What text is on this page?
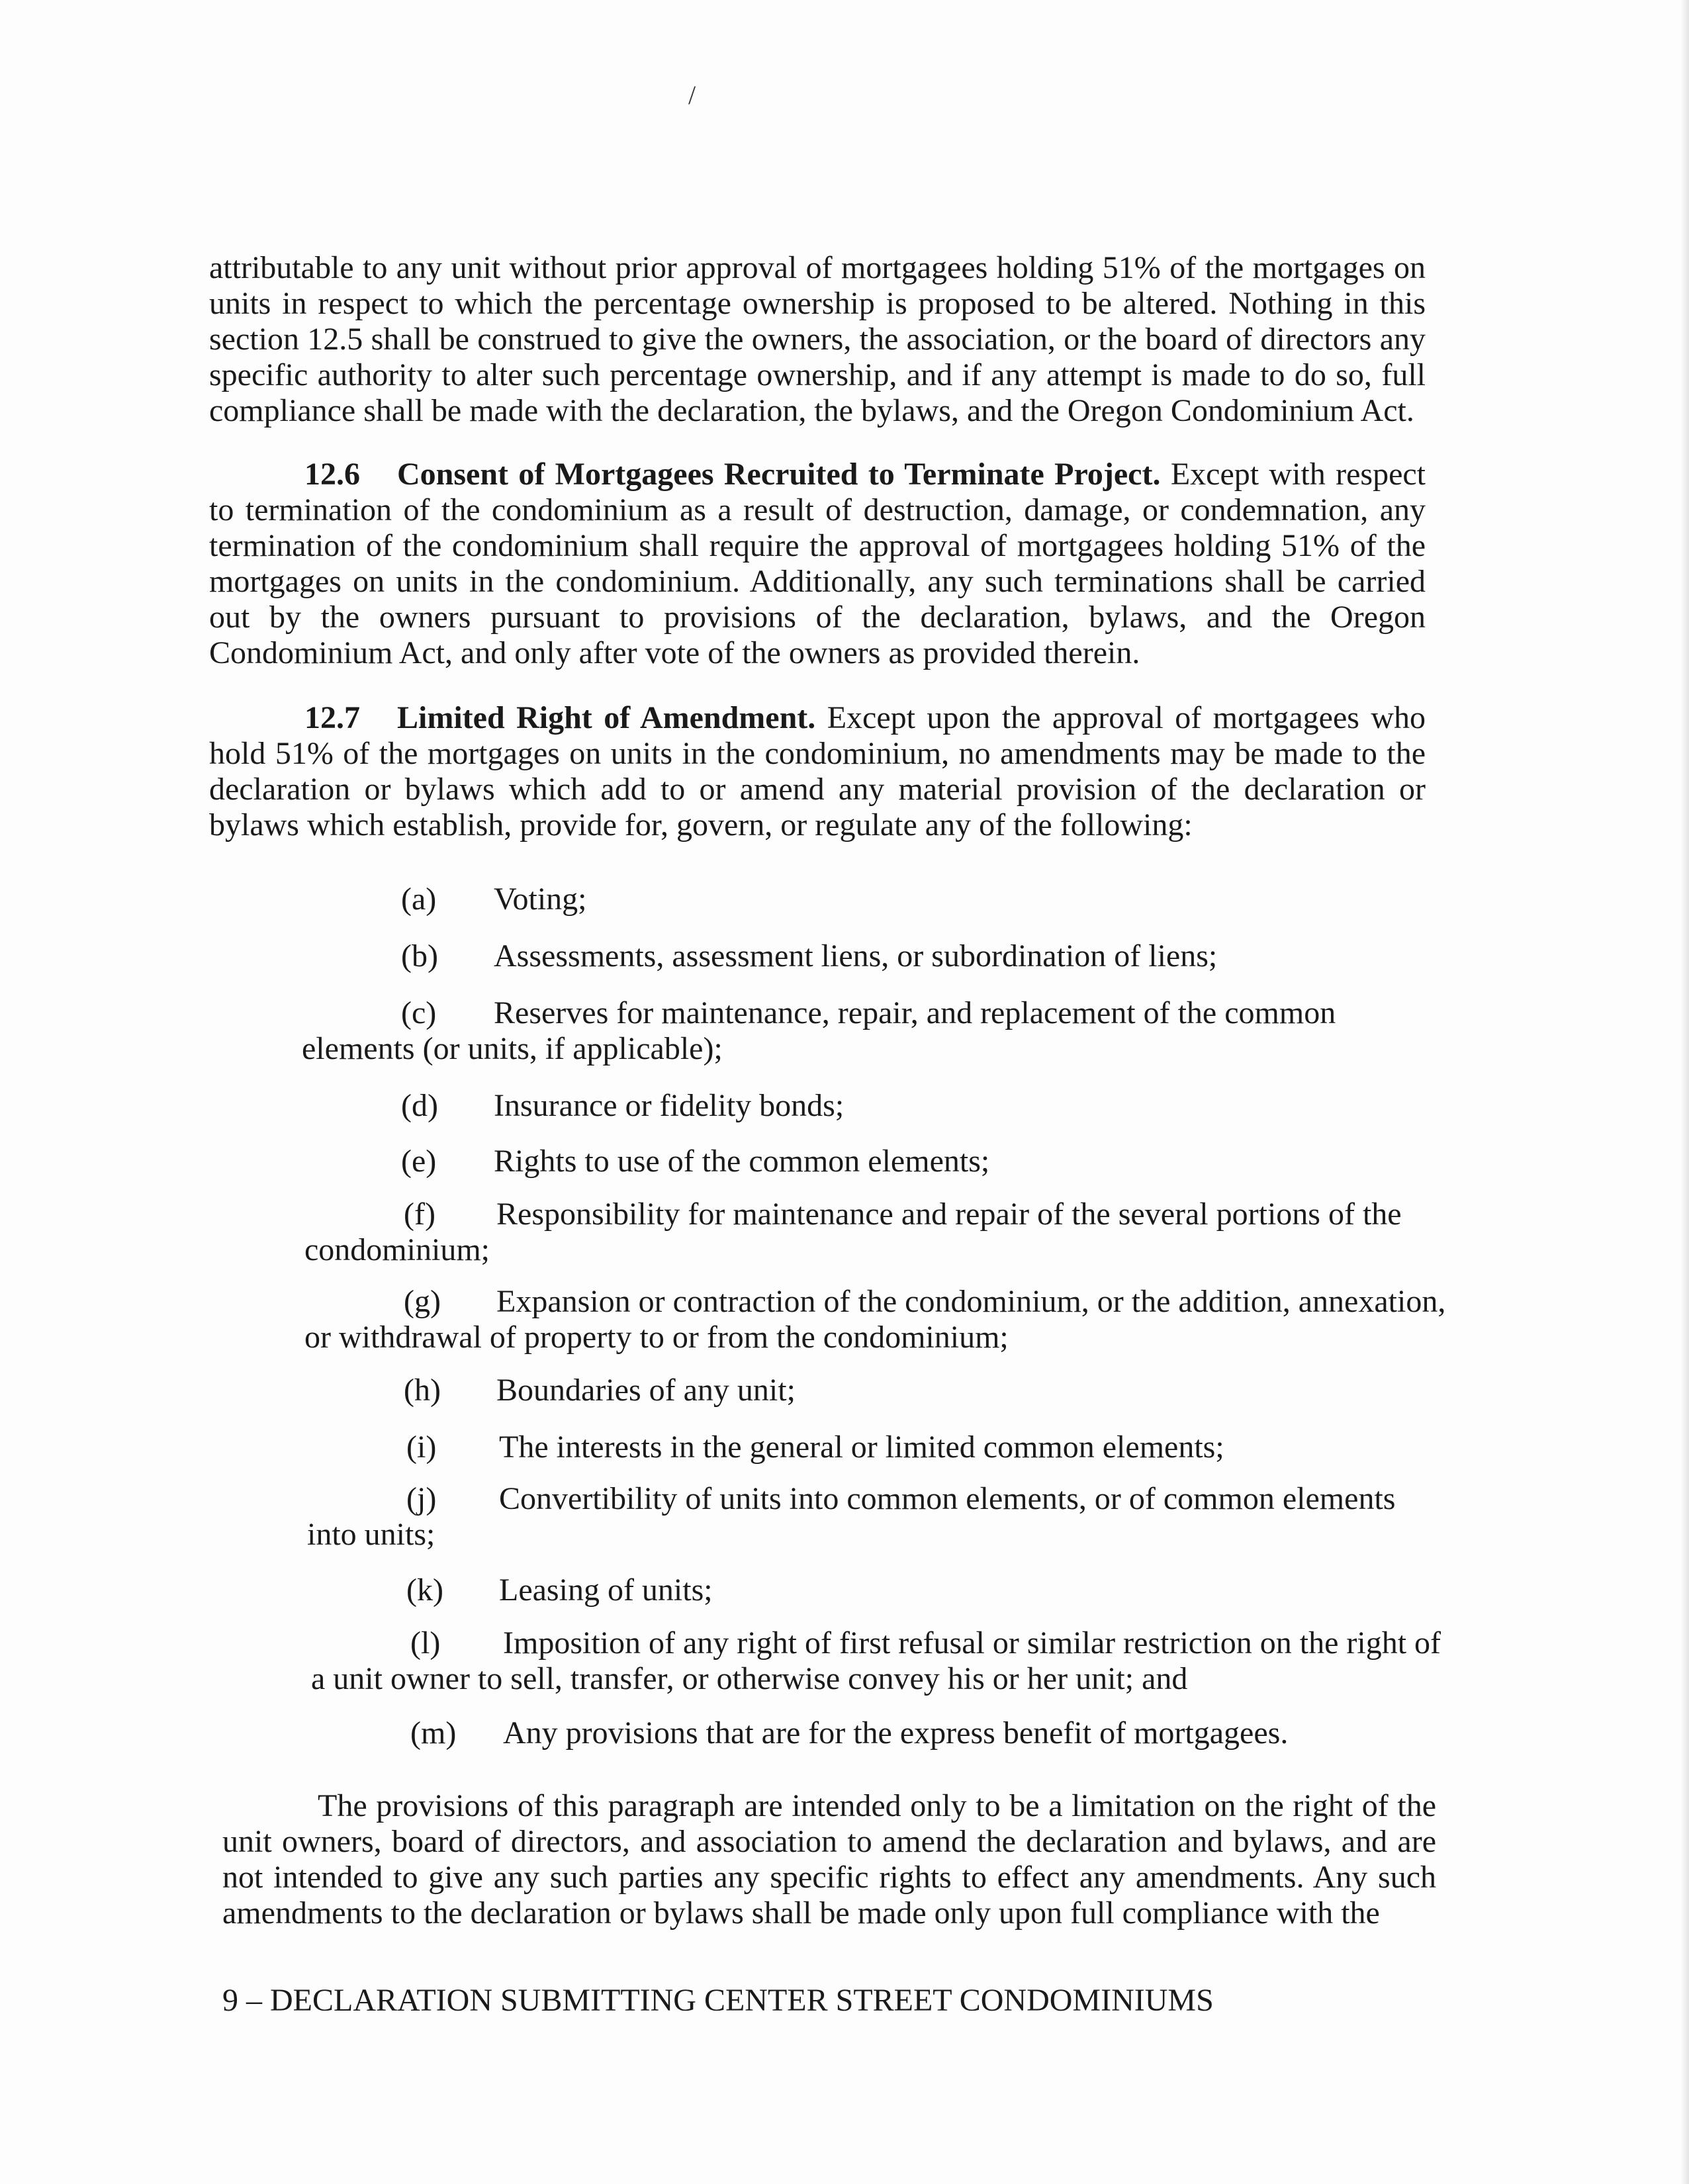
/

attributable to any unit without prior approval of mortgagees holding 51% of the mortgages on units in respect to which the percentage ownership is proposed to be altered. Nothing in this section 12.5 shall be construed to give the owners, the association, or the board of directors any specific authority to alter such percentage ownership, and if any attempt is made to do so, full compliance shall be made with the declaration, the bylaws, and the Oregon Condominium Act.

12.6 Consent of Mortgagees Recruited to Terminate Project. Except with respect to termination of the condominium as a result of destruction, damage, or condemnation, any termination of the condominium shall require the approval of mortgagees holding 51% of the mortgages on units in the condominium. Additionally, any such terminations shall be carried out by the owners pursuant to provisions of the declaration, bylaws, and the Oregon Condominium Act, and only after vote of the owners as provided therein.

12.7 Limited Right of Amendment. Except upon the approval of mortgagees who hold 51% of the mortgages on units in the condominium, no amendments may be made to the declaration or bylaws which add to or amend any material provision of the declaration or bylaws which establish, provide for, govern, or regulate any of the following:

(a) Voting;

(b) Assessments, assessment liens, or subordination of liens;

(c) Reserves for maintenance, repair, and replacement of the common
elements (or units, if applicable);

(d) Insurance or fidelity bonds;

(e) Rights to use of the common elements;

(f) Responsibility for maintenance and repair of the several portions of the
condominium;

(g) Expansion or contraction of the condominium, or the addition, annexation,
or withdrawal of property to or from the condominium;

(h) Boundaries of any unit;

(i) The interests in the general or limited common elements;

(j) Convertibility of units into common elements, or of common elements
into units;

(k) Leasing of units;

(l) Imposition of any right of first refusal or similar restriction on the right of
a unit owner to sell, transfer, or otherwise convey his or her unit; and

(m) Any provisions that are for the express benefit of mortgagees.

The provisions of this paragraph are intended only to be a limitation on the right of the unit owners, board of directors, and association to amend the declaration and bylaws, and are not intended to give any such parties any specific rights to effect any amendments. Any such amendments to the declaration or bylaws shall be made only upon full compliance with the

9 – DECLARATION SUBMITTING CENTER STREET CONDOMINIUMS
